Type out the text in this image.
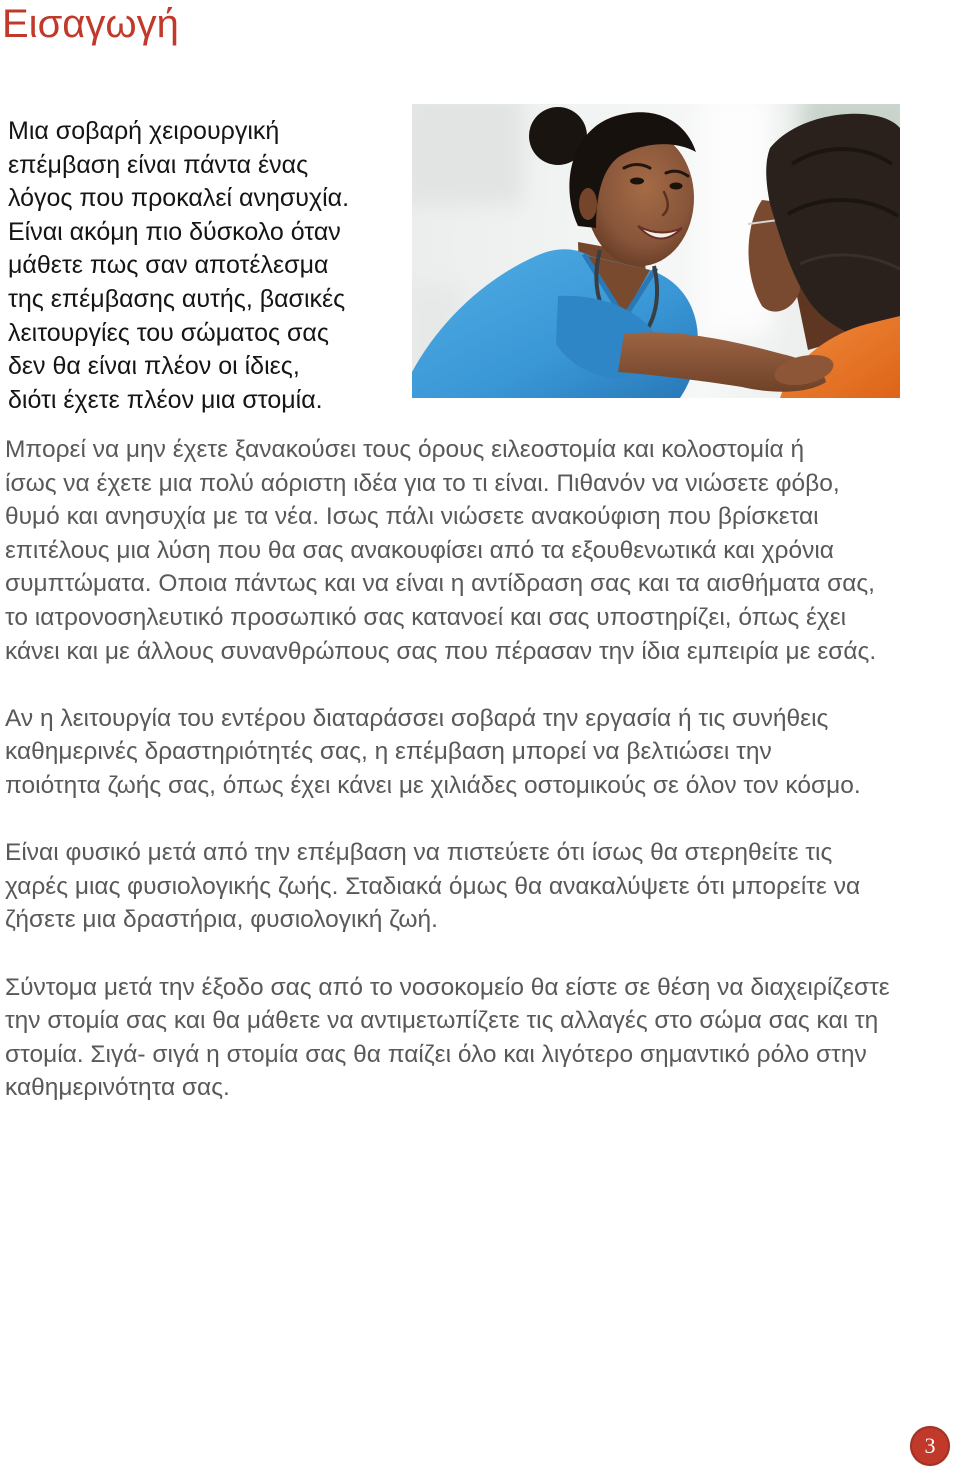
Εισαγωγή
Μια σοβαρή χειρουργική
επέμβαση είναι πάντα ένας
λόγος που προκαλεί ανησυχία.
Είναι ακόμη πιο δύσκολο όταν
μάθετε πως σαν αποτέλεσμα
της επέμβασης αυτής, βασικές
λειτουργίες του σώματος σας
δεν θα είναι πλέον οι ίδιες,
διότι έχετε πλέον μια στομία.

Μπορεί να μην έχετε ξανακούσει τους όρους ειλεοστομία και κολοστομία ή
ίσως να έχετε μια πολύ αόριστη ιδέα για το τι είναι. Πιθανόν να νιώσετε φόβο,
θυμό και ανησυχία με τα νέα. Ισως πάλι νιώσετε ανακούφιση που βρίσκεται
επιτέλους μια λύση που θα σας ανακουφίσει από τα εξουθενωτικά και χρόνια
συμπτώματα. Οποια πάντως και να είναι η αντίδραση σας και τα αισθήματα σας,
το ιατρονοσηλευτικό προσωπικό σας κατανοεί και σας υποστηρίζει, όπως έχει
κάνει και με άλλους συνανθρώπους σας που πέρασαν την ίδια εμπειρία με εσάς.

Αν η λειτουργία του εντέρου διαταράσσει σοβαρά την εργασία ή τις συνήθεις
καθημερινές δραστηριότητές σας, η επέμβαση μπορεί να βελτιώσει την
ποιότητα ζωής σας, όπως έχει κάνει με χιλιάδες οστομικούς σε όλον τον κόσμο.

Είναι φυσικό μετά από την επέμβαση να πιστεύετε ότι ίσως θα στερηθείτε τις
χαρές μιας φυσιολογικής ζωής. Σταδιακά όμως θα ανακαλύψετε ότι μπορείτε να
ζήσετε μια δραστήρια, φυσιολογική ζωή.

Σύντομα μετά την έξοδο σας από το νοσοκομείο θα είστε σε θέση να διαχειρίζεστε
την στομία σας και θα μάθετε να αντιμετωπίζετε τις αλλαγές στο σώμα σας και τη
στομία. Σιγά- σιγά η στομία σας θα παίζει όλο και λιγότερο σημαντικό ρόλο στην
καθημερινότητα σας.

3
